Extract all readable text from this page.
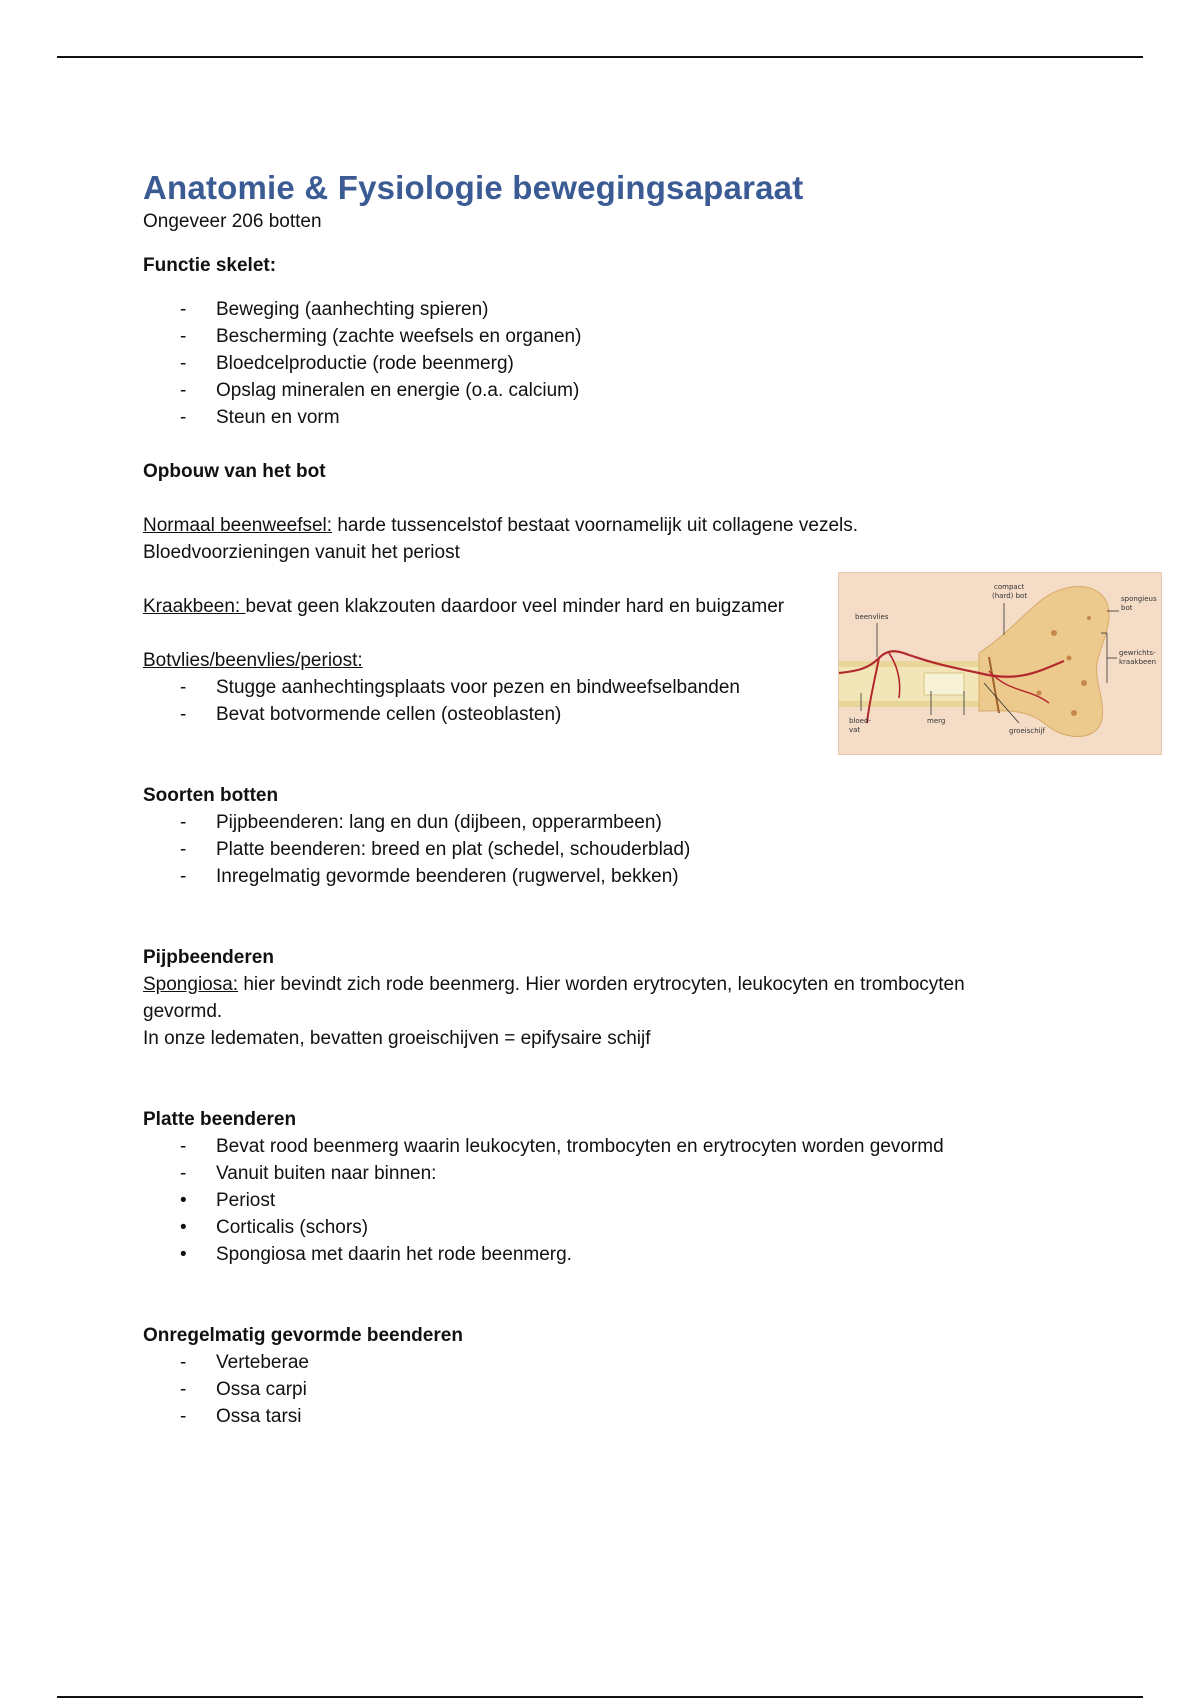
Anatomie & Fysiologie bewegingsaparaat

Ongeveer 206 botten

Functie skelet:

- Beweging (aanhechting spieren)
- Bescherming (zachte weefsels en organen)
- Bloedcelproductie (rode beenmerg)
- Opslag mineralen en energie (o.a. calcium)
- Steun en vorm

Opbouw van het bot

Normaal beenweefsel: harde tussencelstof bestaat voornamelijk uit collagene vezels.

Bloedvoorzieningen vanuit het periost

Kraakbeen: bevat geen klakzouten daardoor veel minder hard en buigzamer

Botvlies/beenvlies/periost:

- Stugge aanhechtingsplaats voor pezen en bindweefselbanden
- Bevat botvormende cellen (osteoblasten)

Soorten botten

- Pijpbeenderen: lang en dun (dijbeen, opperarmbeen)
- Platte beenderen: breed en plat (schedel, schouderblad)
- Inregelmatig gevormde beenderen (rugwervel, bekken)

Pijpbeenderen

Spongiosa: hier bevindt zich rode beenmerg. Hier worden erytrocyten, leukocyten en trombocyten gevormd.

In onze ledematen, bevatten groeischijven = epifysaire schijf

Platte beenderen

- Bevat rood beenmerg waarin leukocyten, trombocyten en erytrocyten worden gevormd
- Vanuit buiten naar binnen:
• Periost
• Corticalis (schors)
• Spongiosa met daarin het rode beenmerg.

Onregelmatig gevormde beenderen

- Verteberae
- Ossa carpi
- Ossa tarsi
compact
(hard) bot	spongieus
bot
beenvlies
gewrichts-
kraakbeen
bloed-
vat
merg
groeischijf
